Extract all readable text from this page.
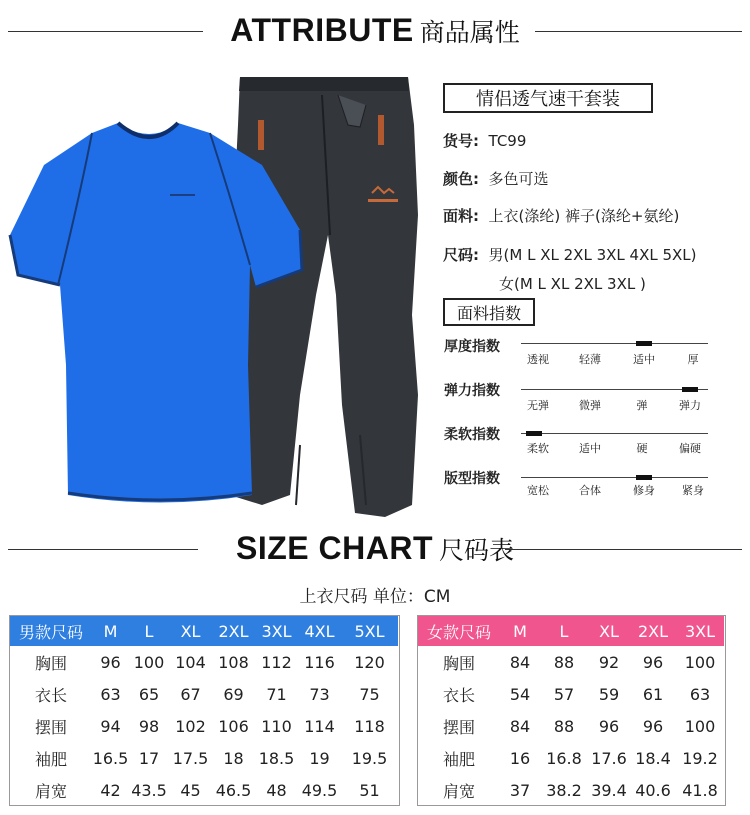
ATTRIBUTE 商品属性
情侣透气速干套装
货号: TC99
颜色: 多色可选
面料: 上衣(涤纶) 裤子(涤纶+氨纶)
尺码: 男(M L XL 2XL 3XL 4XL 5XL)
女(M L XL 2XL 3XL )
面料指数
厚度指数
透视	轻薄	适中	厚
弹力指数
无弹	微弹	弹	弹力
柔软指数
柔软	适中	硬	偏硬
版型指数
宽松	合体	修身 紧身
SIZE CHART 尺码表
上衣尺码 单位：CM
男款尺码	M	L	XL	2XL	3XL	4XL	5XL
胸围	96	100	104	108	112	116	120
衣长	63	65	67	69	71	73	75
摆围	94	98	102	106	110	114	118
袖肥	16.5	17	17.5	18	18.5	19	19.5
肩宽	42	43.5	45	46.5	48	49.5	51
女款尺码	M	L	XL	2XL	3XL
胸围	84	88	92	96	100
衣长	54	57	59	61	63
摆围	84	88	96	96	100
袖肥	16	16.8	17.6	18.4	19.2
肩宽	37	38.2	39.4	40.6	41.8
